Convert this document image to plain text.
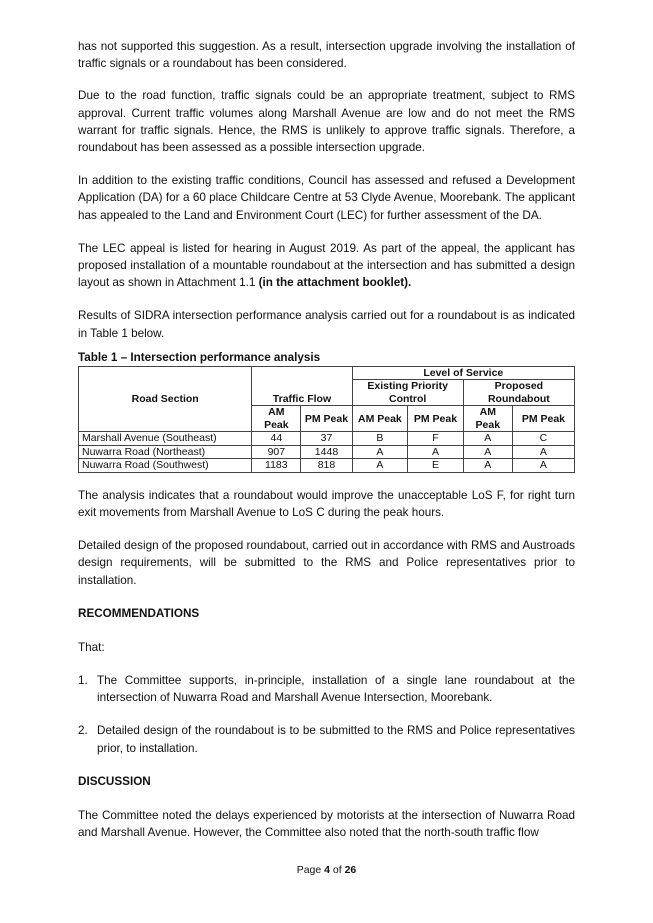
has not supported this suggestion. As a result, intersection upgrade involving the installation of traffic signals or a roundabout has been considered.

Due to the road function, traffic signals could be an appropriate treatment, subject to RMS approval. Current traffic volumes along Marshall Avenue are low and do not meet the RMS warrant for traffic signals. Hence, the RMS is unlikely to approve traffic signals. Therefore, a roundabout has been assessed as a possible intersection upgrade.

In addition to the existing traffic conditions, Council has assessed and refused a Development Application (DA) for a 60 place Childcare Centre at 53 Clyde Avenue, Moorebank. The applicant has appealed to the Land and Environment Court (LEC) for further assessment of the DA.

The LEC appeal is listed for hearing in August 2019. As part of the appeal, the applicant has proposed installation of a mountable roundabout at the intersection and has submitted a design layout as shown in Attachment 1.1 (in the attachment booklet).

Results of SIDRA intersection performance analysis carried out for a roundabout is as indicated in Table 1 below.

Table 1 – Intersection performance analysis
Road Section	Traffic Flow		Level of Service			
			Existing Priority Control		Proposed Roundabout	
	AM Peak	PM Peak	AM Peak	PM Peak	AM Peak	PM Peak
Marshall Avenue (Southeast)	44	37	B	F	A	C
Nuwarra Road (Northeast)	907	1448	A	A	A	A
Nuwarra Road (Southwest)	1183	818	A	E	A	A

The analysis indicates that a roundabout would improve the unacceptable LoS F, for right turn exit movements from Marshall Avenue to LoS C during the peak hours.

Detailed design of the proposed roundabout, carried out in accordance with RMS and Austroads design requirements, will be submitted to the RMS and Police representatives prior to installation.

RECOMMENDATIONS

That:

1. The Committee supports, in-principle, installation of a single lane roundabout at the intersection of Nuwarra Road and Marshall Avenue Intersection, Moorebank.
2. Detailed design of the roundabout is to be submitted to the RMS and Police representatives prior, to installation.
DISCUSSION

The Committee noted the delays experienced by motorists at the intersection of Nuwarra Road and Marshall Avenue. However, the Committee also noted that the north-south traffic flow

Page 4 of 26
